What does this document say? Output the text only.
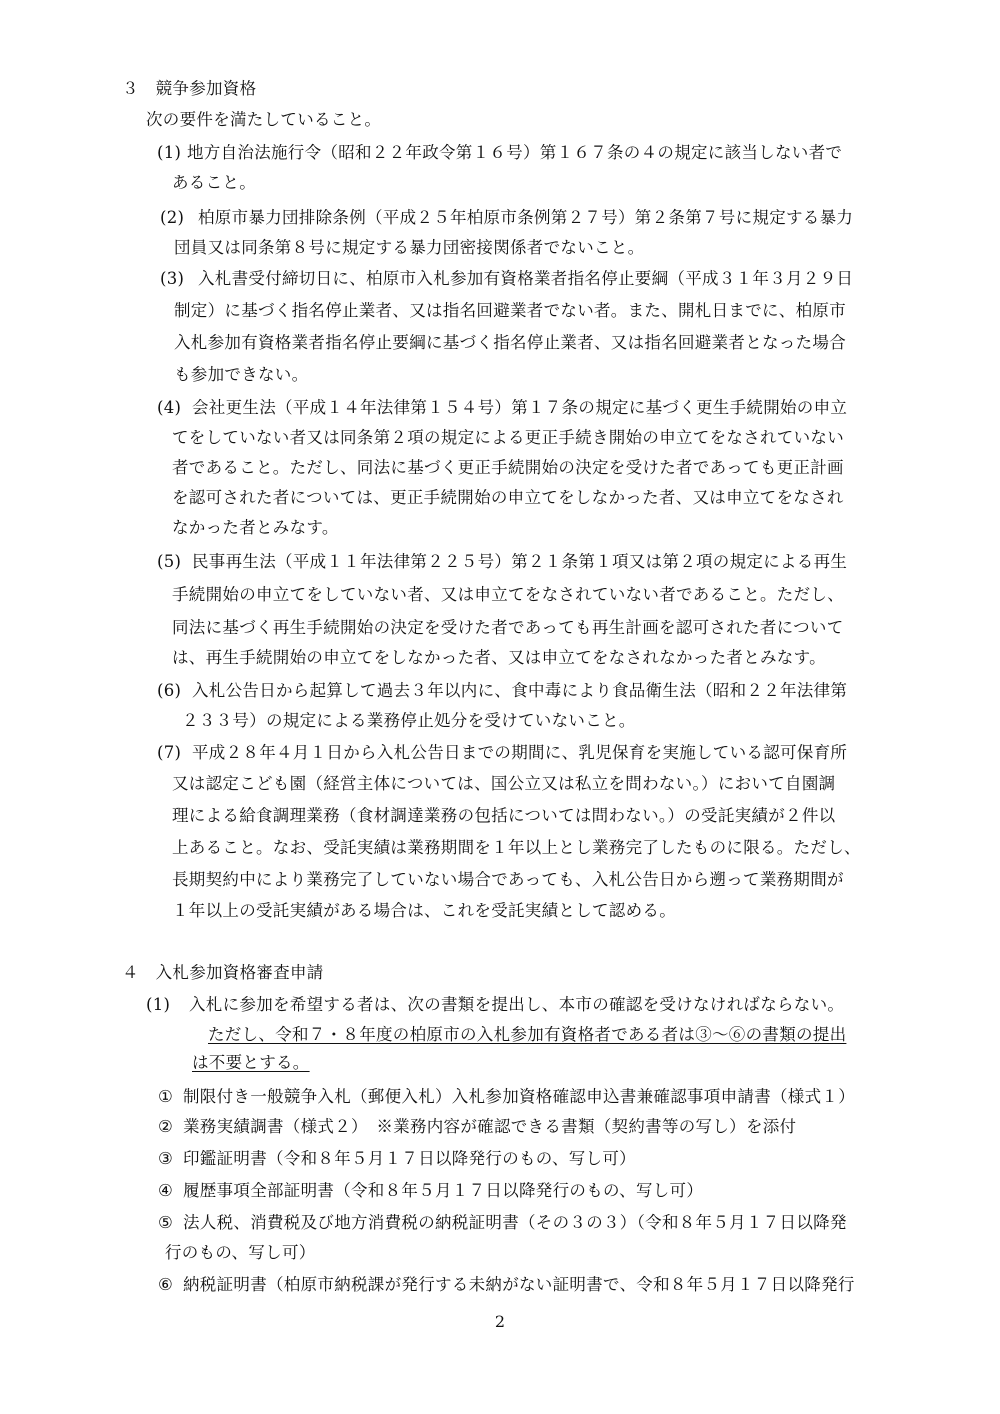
３　競争参加資格
次の要件を満たしていること。
(1) 地方自治法施行令（昭和２２年政令第１６号）第１６７条の４の規定に該当しない者で
あること。
(2) 柏原市暴力団排除条例（平成２５年柏原市条例第２７号）第２条第７号に規定する暴力
団員又は同条第８号に規定する暴力団密接関係者でないこと。
(3) 入札書受付締切日に、柏原市入札参加有資格業者指名停止要綱（平成３１年３月２９日
制定）に基づく指名停止業者、又は指名回避業者でない者。また、開札日までに、柏原市
入札参加有資格業者指名停止要綱に基づく指名停止業者、又は指名回避業者となった場合
も参加できない。
(4) 会社更生法（平成１４年法律第１５４号）第１７条の規定に基づく更生手続開始の申立
てをしていない者又は同条第２項の規定による更正手続き開始の申立てをなされていない
者であること。ただし、同法に基づく更正手続開始の決定を受けた者であっても更正計画
を認可された者については、更正手続開始の申立てをしなかった者、又は申立てをなされ
なかった者とみなす。
(5) 民事再生法（平成１１年法律第２２５号）第２１条第１項又は第２項の規定による再生
手続開始の申立てをしていない者、又は申立てをなされていない者であること。ただし、
同法に基づく再生手続開始の決定を受けた者であっても再生計画を認可された者について
は、再生手続開始の申立てをしなかった者、又は申立てをなされなかった者とみなす。
(6) 入札公告日から起算して過去３年以内に、食中毒により食品衛生法（昭和２２年法律第
２３３号）の規定による業務停止処分を受けていないこと。
(7) 平成２８年４月１日から入札公告日までの期間に、乳児保育を実施している認可保育所
又は認定こども園（経営主体については、国公立又は私立を問わない。）において自園調
理による給食調理業務（食材調達業務の包括については問わない。）の受託実績が２件以
上あること。なお、受託実績は業務期間を１年以上とし業務完了したものに限る。ただし、
長期契約中により業務完了していない場合であっても、入札公告日から遡って業務期間が
１年以上の受託実績がある場合は、これを受託実績として認める。
４　入札参加資格審査申請
(1) 入札に参加を希望する者は、次の書類を提出し、本市の確認を受けなければならない。
ただし、令和７・８年度の柏原市の入札参加有資格者である者は③～⑥の書類の提出
は不要とする。
① 制限付き一般競争入札（郵便入札）入札参加資格確認申込書兼確認事項申請書（様式１）
② 業務実績調書（様式２）　※業務内容が確認できる書類（契約書等の写し）を添付
③ 印鑑証明書（令和８年５月１７日以降発行のもの、写し可）
④ 履歴事項全部証明書（令和８年５月１７日以降発行のもの、写し可）
⑤ 法人税、消費税及び地方消費税の納税証明書（その３の３）（令和８年５月１７日以降発
行のもの、写し可）
⑥ 納税証明書（柏原市納税課が発行する未納がない証明書で、令和８年５月１７日以降発行
2
